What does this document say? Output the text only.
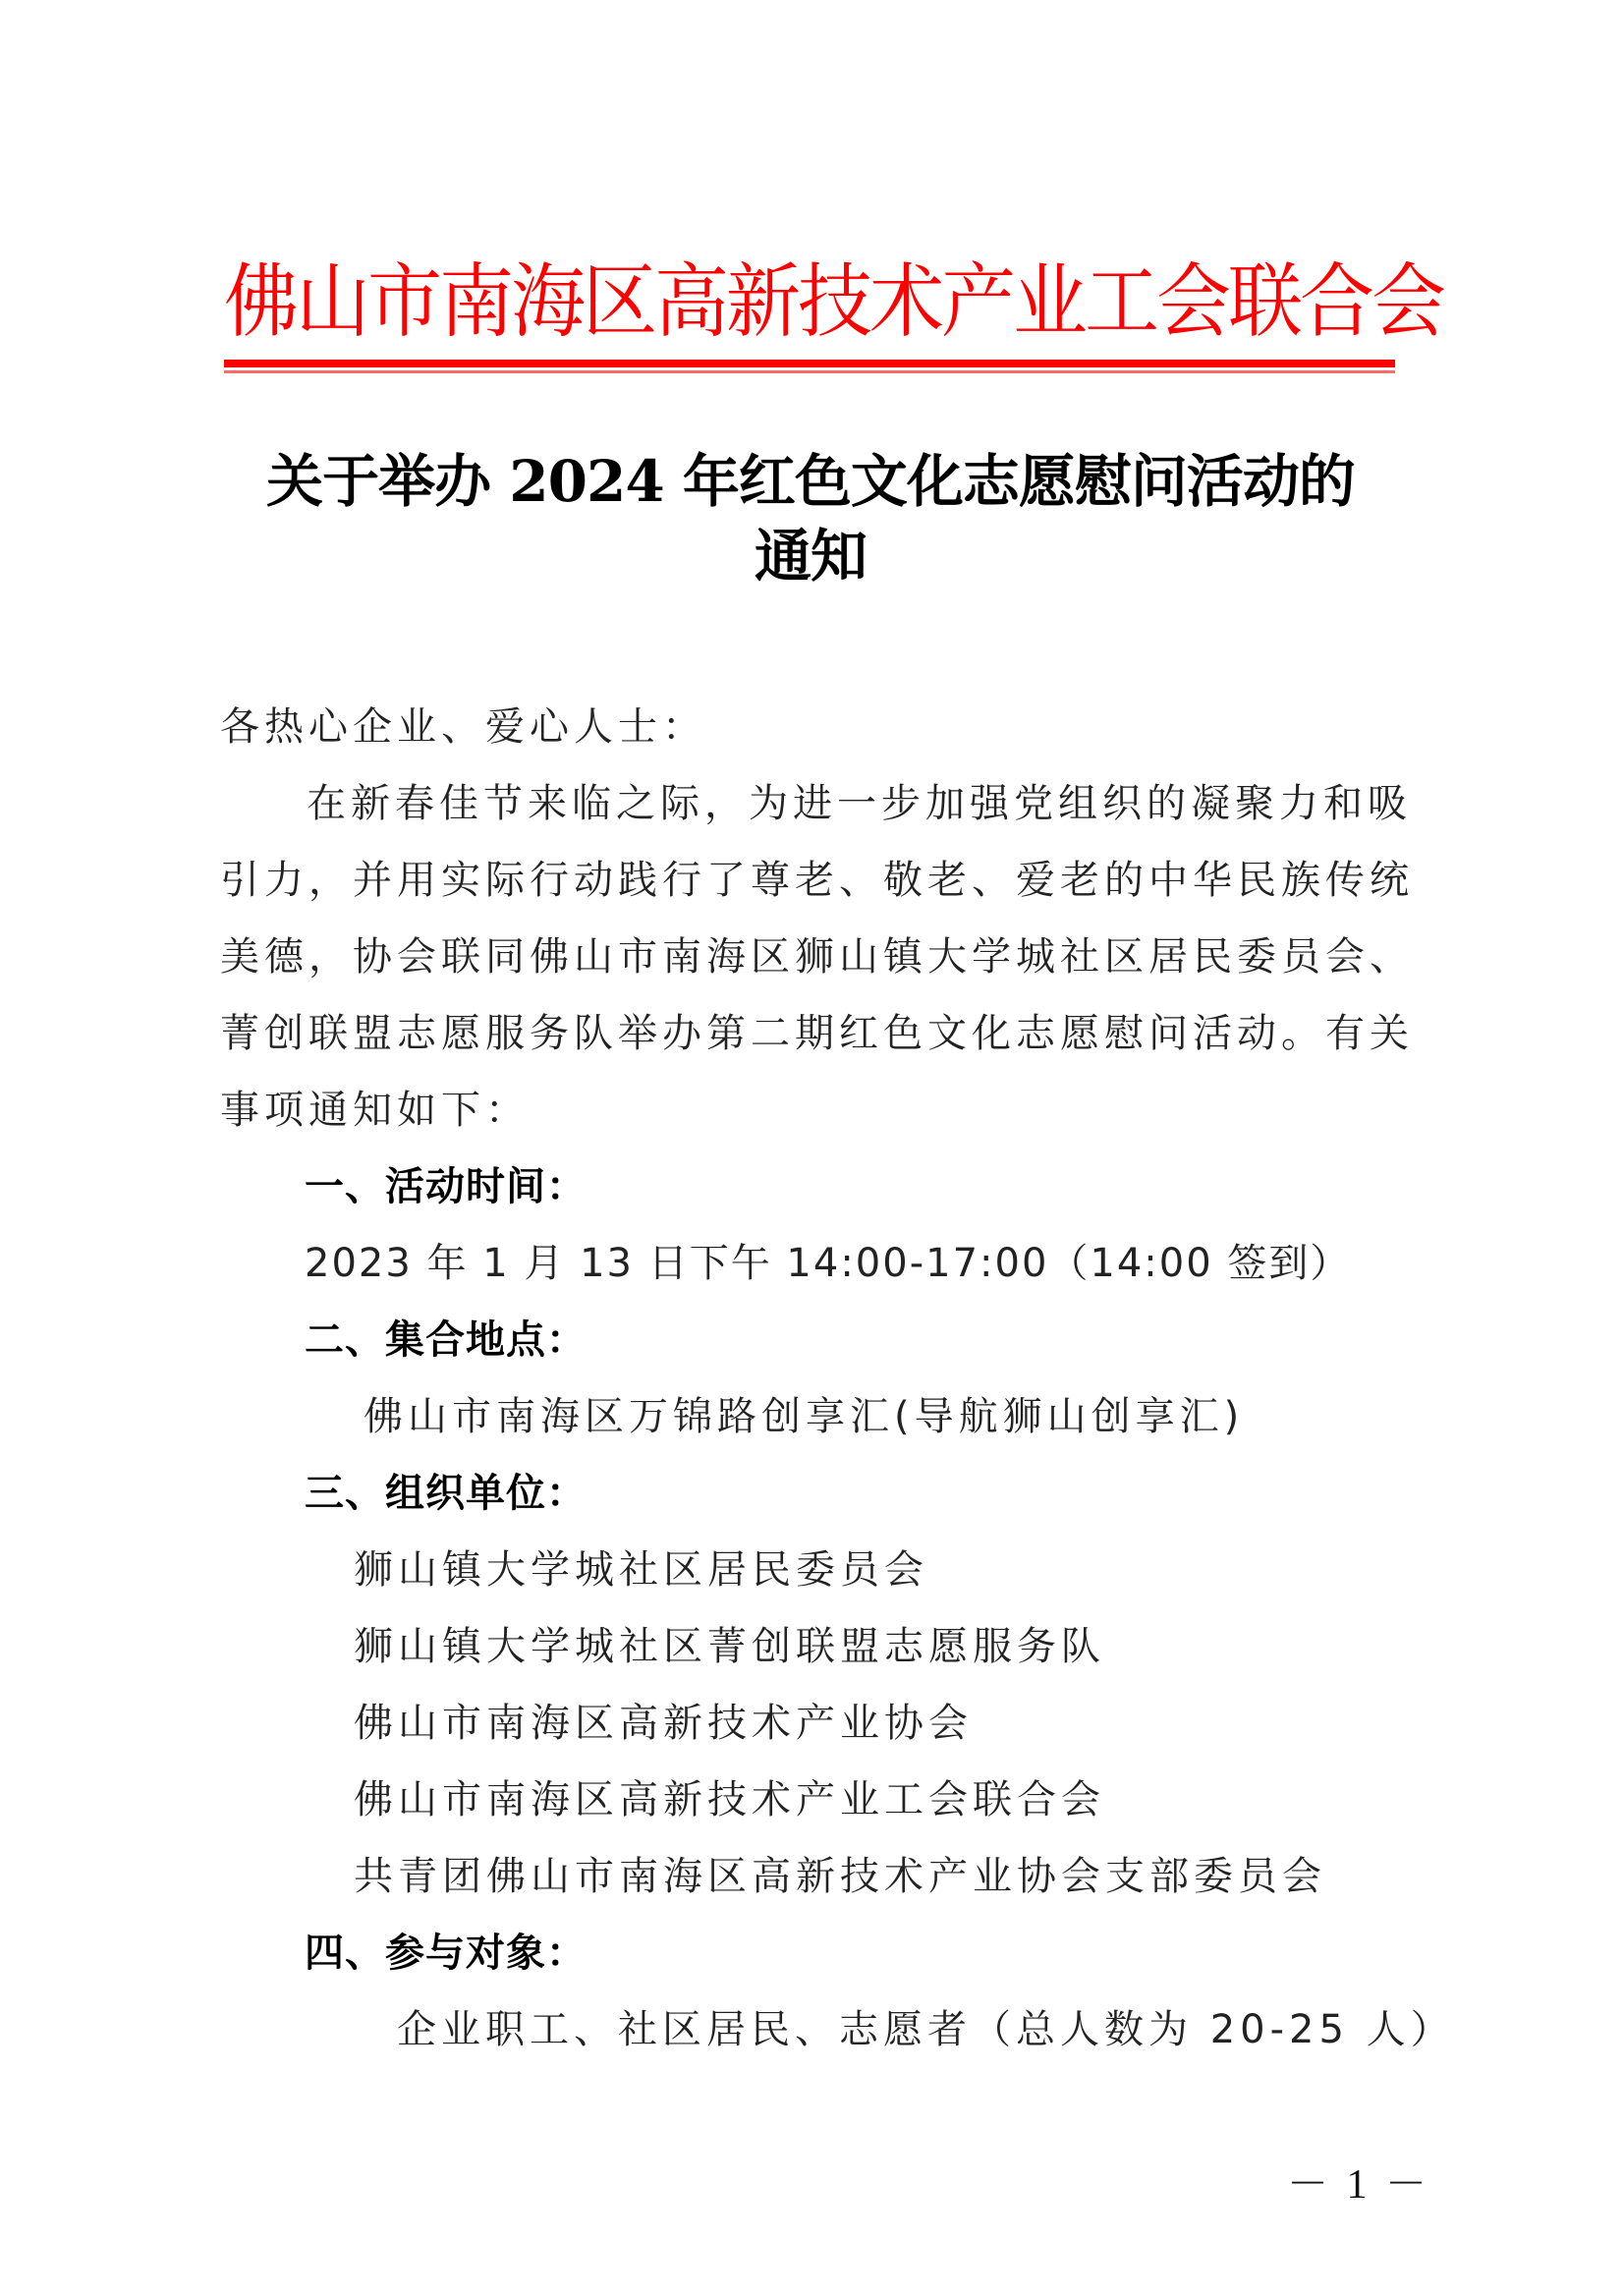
佛山市南海区高新技术产业工会联合会
关于举办 2024 年红色文化志愿慰问活动的
通知
各热心企业、爱心人士：
在新春佳节来临之际，为进一步加强党组织的凝聚力和吸
引力，并用实际行动践行了尊老、敬老、爱老的中华民族传统
美德，协会联同佛山市南海区狮山镇大学城社区居民委员会、
菁创联盟志愿服务队举办第二期红色文化志愿慰问活动。有关
事项通知如下：
一、活动时间：
2023 年 1 月 13 日下午 14:00-17:00（14:00 签到）
二、集合地点：
佛山市南海区万锦路创享汇(导航狮山创享汇)
三、组织单位：
狮山镇大学城社区居民委员会
狮山镇大学城社区菁创联盟志愿服务队
佛山市南海区高新技术产业协会
佛山市南海区高新技术产业工会联合会
共青团佛山市南海区高新技术产业协会支部委员会
四、参与对象：
企业职工、社区居民、志愿者（总人数为 20-25 人）
－ 1 －
